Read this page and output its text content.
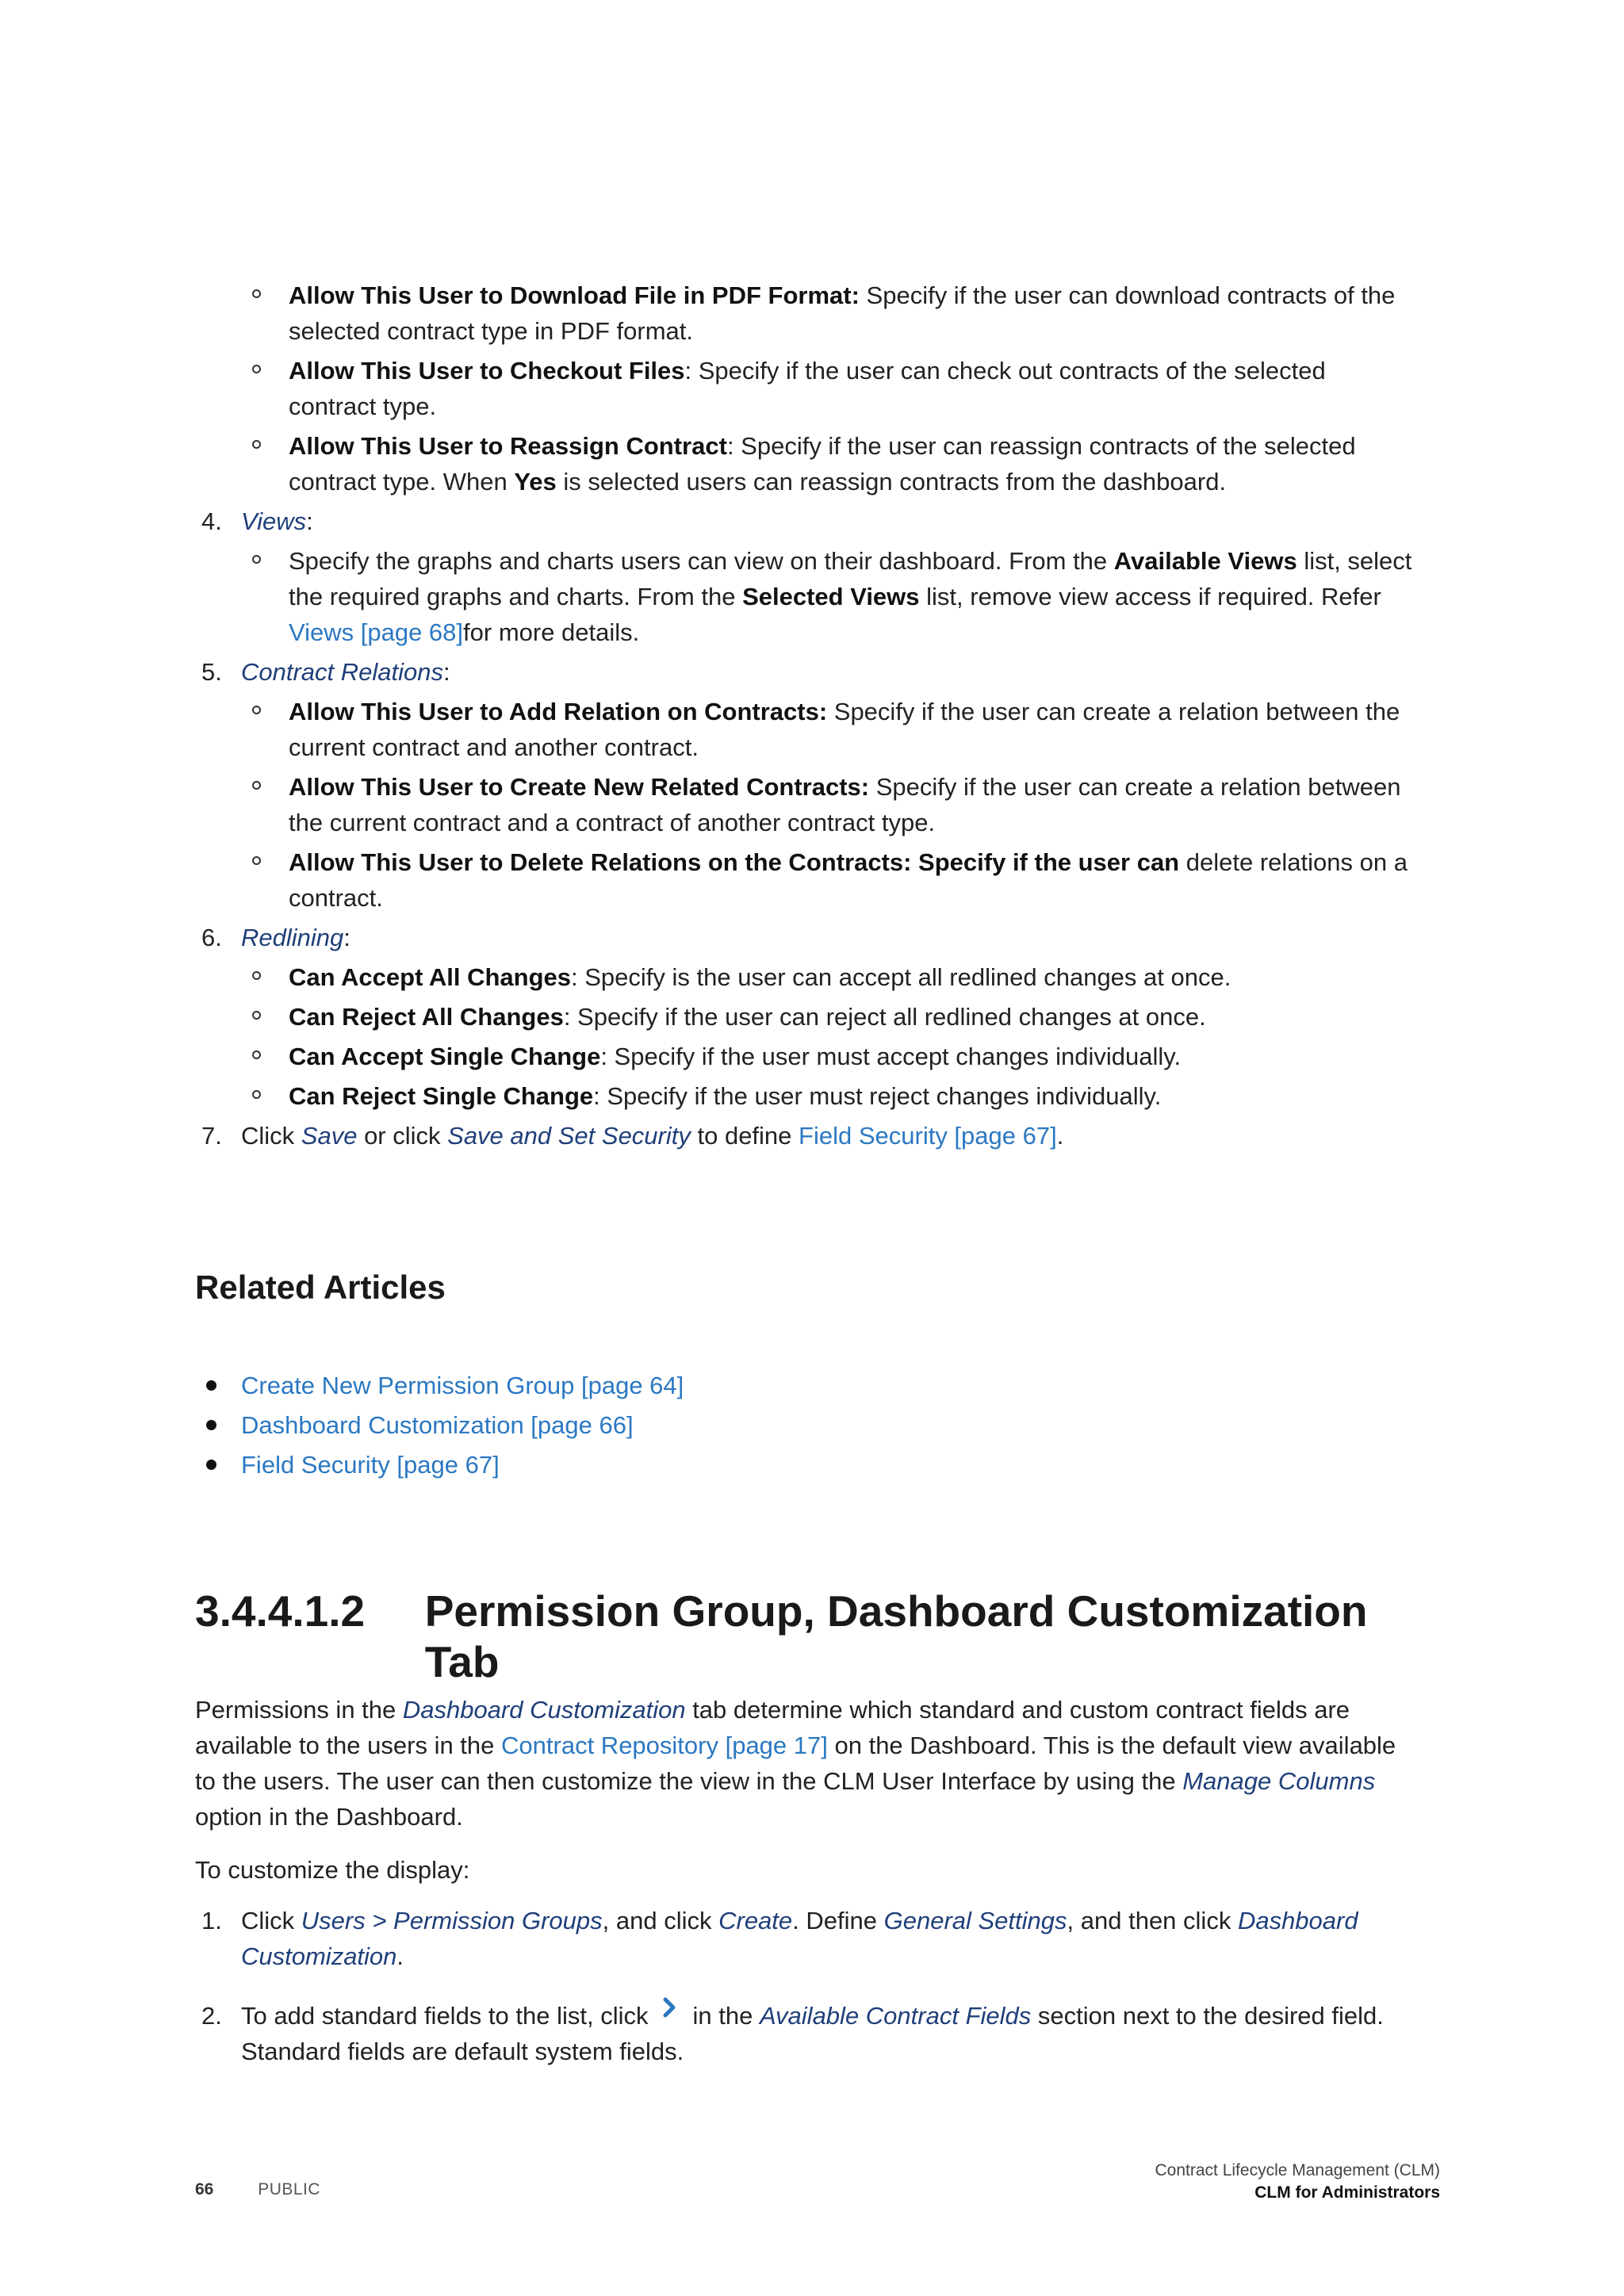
Allow This User to Download File in PDF Format: Specify if the user can download contracts of the
selected contract type in PDF format.
Allow This User to Checkout Files: Specify if the user can check out contracts of the selected
contract type.
Allow This User to Reassign Contract: Specify if the user can reassign contracts of the selected
contract type. When Yes is selected users can reassign contracts from the dashboard.
4. Views:
Specify the graphs and charts users can view on their dashboard. From the Available Views list, select
the required graphs and charts. From the Selected Views list, remove view access if required. Refer
Views [page 68]for more details.
5. Contract Relations:
Allow This User to Add Relation on Contracts: Specify if the user can create a relation between the
current contract and another contract.
Allow This User to Create New Related Contracts: Specify if the user can create a relation between
the current contract and a contract of another contract type.
Allow This User to Delete Relations on the Contracts: Specify if the user can delete relations on a
contract.
6. Redlining:
Can Accept All Changes: Specify is the user can accept all redlined changes at once.
Can Reject All Changes: Specify if the user can reject all redlined changes at once.
Can Accept Single Change: Specify if the user must accept changes individually.
Can Reject Single Change: Specify if the user must reject changes individually.
7. Click Save or click Save and Set Security to define Field Security [page 67].
Related Articles
Create New Permission Group [page 64]
Dashboard Customization [page 66]
Field Security [page 67]
3.4.4.1.2	Permission Group, Dashboard Customization Tab
Permissions in the Dashboard Customization tab determine which standard and custom contract fields are
available to the users in the Contract Repository [page 17] on the Dashboard. This is the default view available
to the users. The user can then customize the view in the CLM User Interface by using the Manage Columns
option in the Dashboard.
To customize the display:
1. Click Users > Permission Groups, and click Create. Define General Settings, and then click Dashboard
Customization.
2. To add standard fields to the list, click in the Available Contract Fields section next to the desired field.
Standard fields are default system fields.
66	PUBLIC
Contract Lifecycle Management (CLM)
CLM for Administrators
